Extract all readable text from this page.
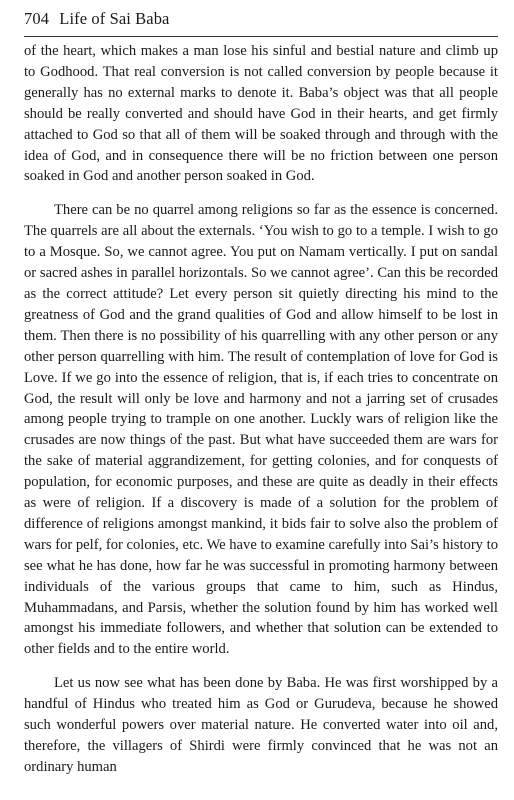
704 Life of Sai Baba

of the heart, which makes a man lose his sinful and bestial nature and climb up to Godhood. That real conversion is not called conversion by people because it generally has no external marks to denote it. Baba’s object was that all people should be really converted and should have God in their hearts, and get firmly attached to God so that all of them will be soaked through and through with the idea of God, and in consequence there will be no friction between one person soaked in God and another person soaked in God.

There can be no quarrel among religions so far as the essence is concerned. The quarrels are all about the externals. ‘You wish to go to a temple. I wish to go to a Mosque. So, we cannot agree. You put on Namam vertically. I put on sandal or sacred ashes in parallel horizontals. So we cannot agree’. Can this be recorded as the correct attitude? Let every person sit quietly directing his mind to the greatness of God and the grand qualities of God and allow himself to be lost in them. Then there is no possibility of his quarrelling with any other person or any other person quarrelling with him. The result of contemplation of love for God is Love. If we go into the essence of religion, that is, if each tries to concentrate on God, the result will only be love and harmony and not a jarring set of crusades among people trying to trample on one another. Luckly wars of religion like the crusades are now things of the past. But what have succeeded them are wars for the sake of material aggrandizement, for getting colonies, and for conquests of population, for economic purposes, and these are quite as deadly in their effects as were of religion. If a discovery is made of a solution for the problem of difference of religions amongst mankind, it bids fair to solve also the problem of wars for pelf, for colonies, etc. We have to examine carefully into Sai’s history to see what he has done, how far he was successful in promoting harmony between individuals of the various groups that came to him, such as Hindus, Muhammadans, and Parsis, whether the solution found by him has worked well amongst his immediate followers, and whether that solution can be extended to other fields and to the entire world.

Let us now see what has been done by Baba. He was first worshipped by a handful of Hindus who treated him as God or Gurudeva, because he showed such wonderful powers over material nature. He converted water into oil and, therefore, the villagers of Shirdi were firmly convinced that he was not an ordinary human
